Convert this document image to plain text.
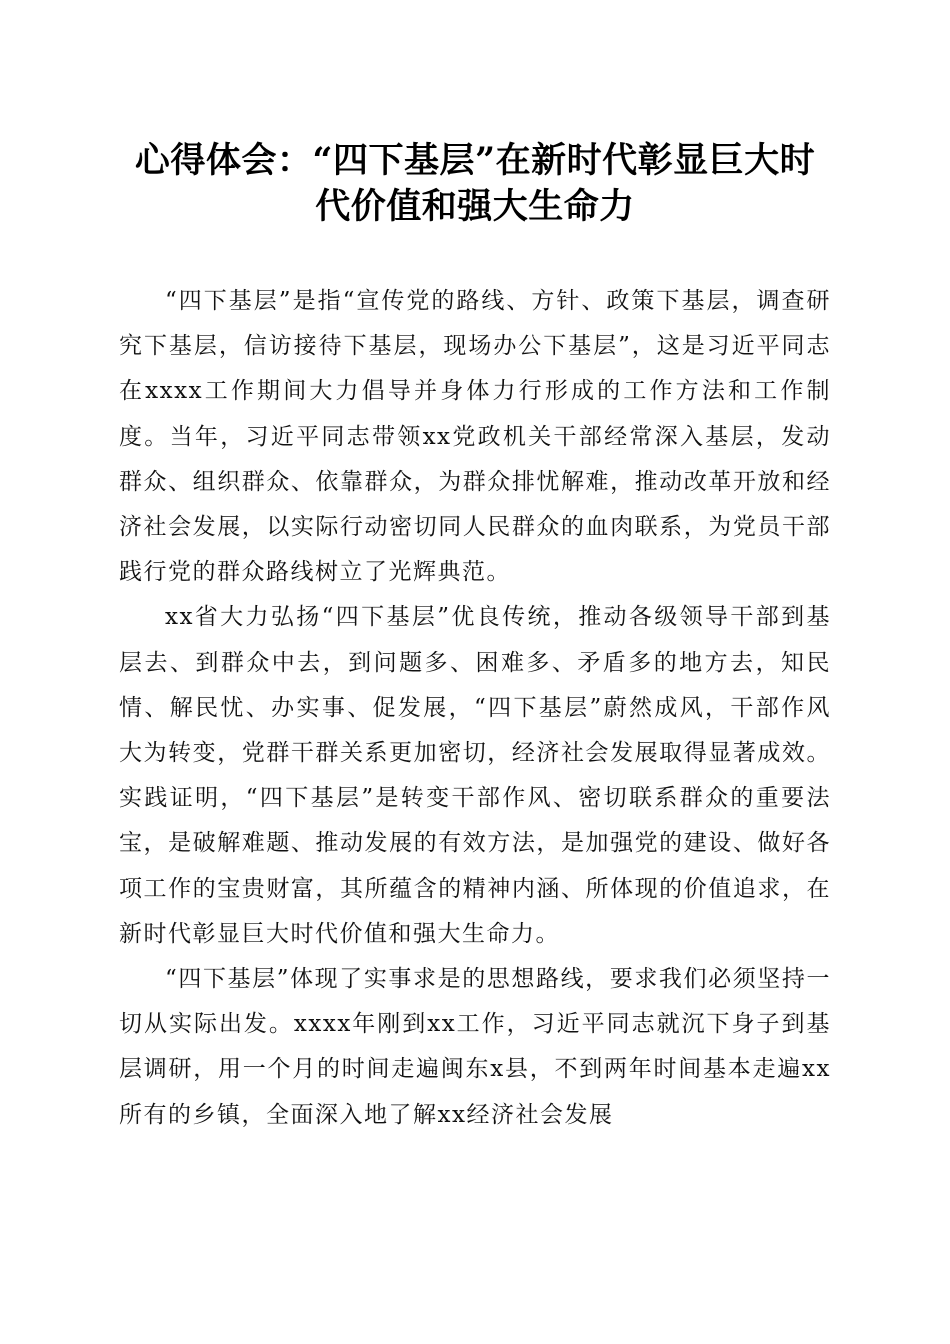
心得体会：“四下基层”在新时代彰显巨大时
代价值和强大生命力

“四下基层”是指“宣传党的路线、方针、政策下基层，调查研究下基层，信访接待下基层，现场办公下基层”，这是习近平同志在xxxx工作期间大力倡导并身体力行形成的工作方法和工作制度。当年，习近平同志带领xx党政机关干部经常深入基层，发动群众、组织群众、依靠群众，为群众排忧解难，推动改革开放和经济社会发展，以实际行动密切同人民群众的血肉联系，为党员干部践行党的群众路线树立了光辉典范。

xx省大力弘扬“四下基层”优良传统，推动各级领导干部到基层去、到群众中去，到问题多、困难多、矛盾多的地方去，知民情、解民忧、办实事、促发展，“四下基层”蔚然成风，干部作风大为转变，党群干群关系更加密切，经济社会发展取得显著成效。实践证明，“四下基层”是转变干部作风、密切联系群众的重要法宝，是破解难题、推动发展的有效方法，是加强党的建设、做好各项工作的宝贵财富，其所蕴含的精神内涵、所体现的价值追求，在新时代彰显巨大时代价值和强大生命力。

“四下基层”体现了实事求是的思想路线，要求我们必须坚持一切从实际出发。xxxx年刚到xx工作，习近平同志就沉下身子到基层调研，用一个月的时间走遍闽东x县，不到两年时间基本走遍xx所有的乡镇，全面深入地了解xx经济社会发展
